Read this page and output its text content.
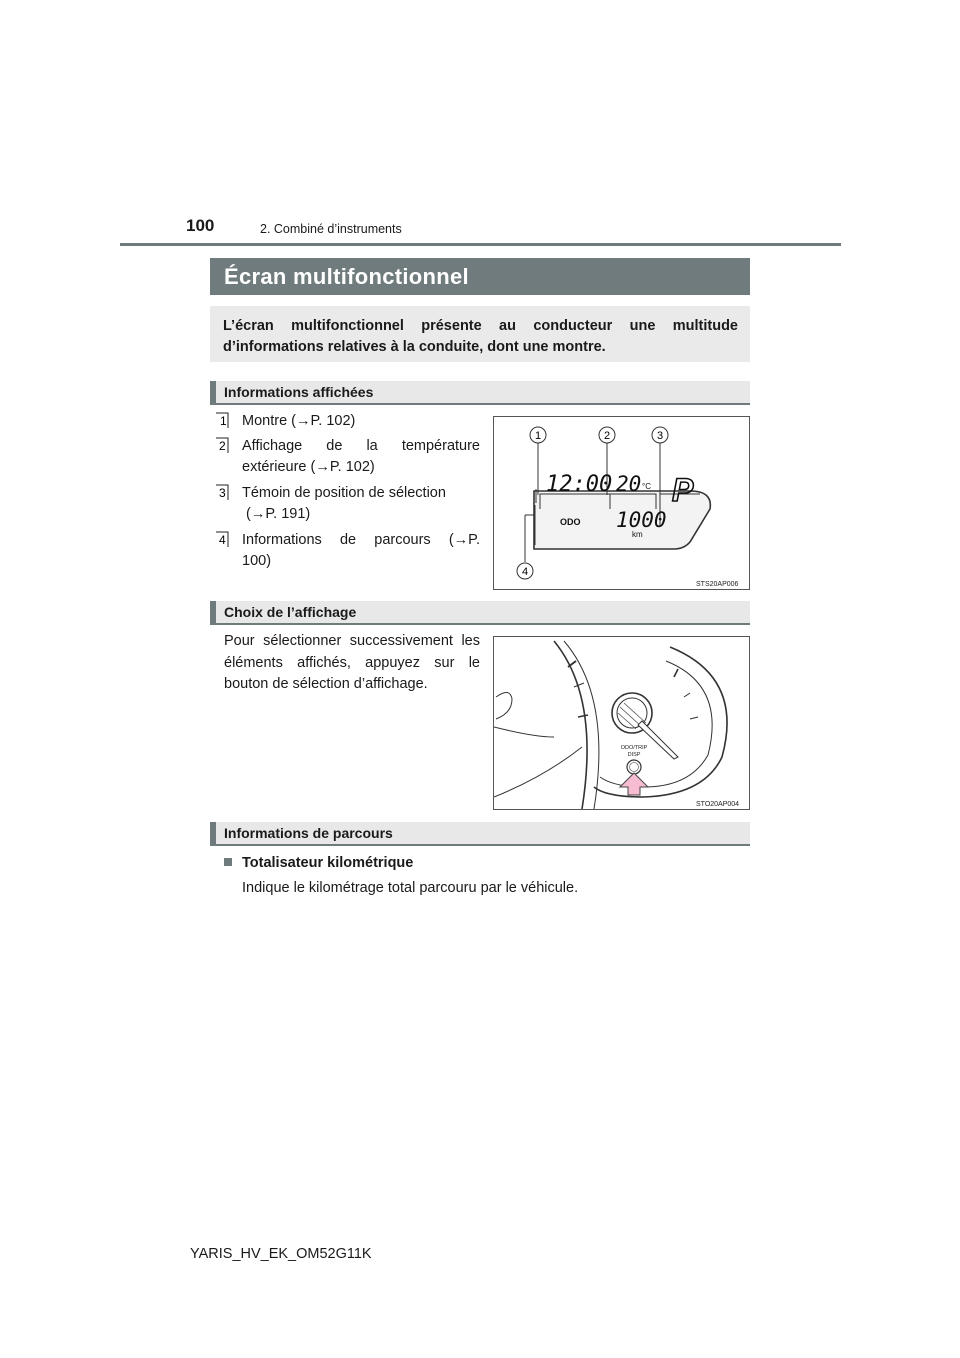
100	2. Combiné d’instruments
Écran multifonctionnel
L’écran multifonctionnel présente au conducteur une multitude
d’informations relatives à la conduite, dont une montre.
Informations affichées
1	Montre (→P. 102)
2	Affichage de la température
extérieure (→P. 102)
3	Témoin de position de sélection
(→P. 191)
4	Informations de parcours (→P.
100)
1	2	3
4
12:00 20 °C P
ODO 1000
km
STS20AP006
Choix de l’affichage
Pour sélectionner successivement les
éléments affichés, appuyez sur le
bouton de sélection d’affichage.
ODO/TRIP
DISP
STO20AP004
Informations de parcours
Totalisateur kilométrique
Indique le kilométrage total parcouru par le véhicule.
YARIS_HV_EK_OM52G11K
